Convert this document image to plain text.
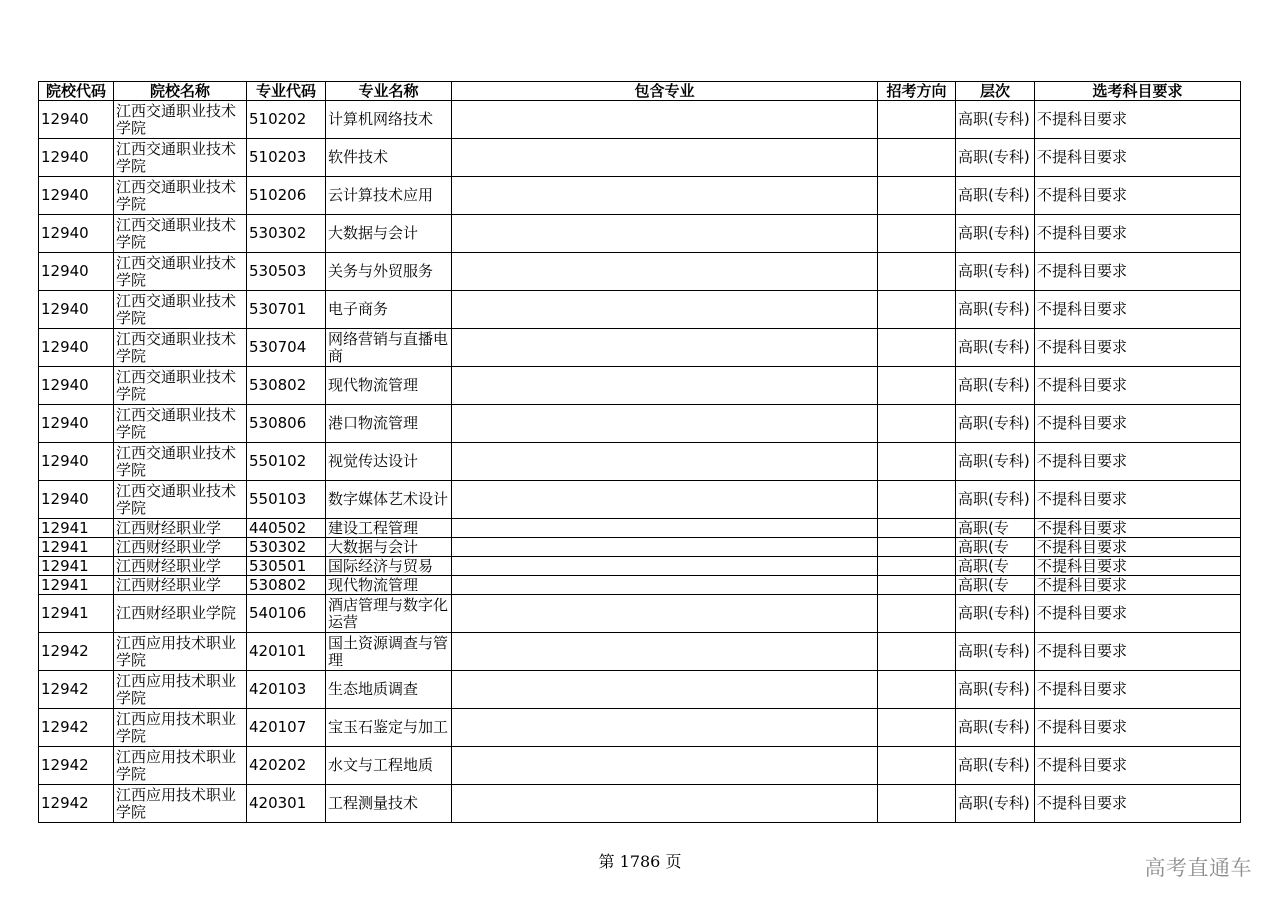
院校代码	院校名称	专业代码	专业名称	包含专业	招考方向	层次	选考科目要求
12940	江西交通职业技术学院	510202	计算机网络技术			高职(专科)	不提科目要求
12940	江西交通职业技术学院	510203	软件技术			高职(专科)	不提科目要求
12940	江西交通职业技术学院	510206	云计算技术应用			高职(专科)	不提科目要求
12940	江西交通职业技术学院	530302	大数据与会计			高职(专科)	不提科目要求
12940	江西交通职业技术学院	530503	关务与外贸服务			高职(专科)	不提科目要求
12940	江西交通职业技术学院	530701	电子商务			高职(专科)	不提科目要求
12940	江西交通职业技术学院	530704	网络营销与直播电商			高职(专科)	不提科目要求
12940	江西交通职业技术学院	530802	现代物流管理			高职(专科)	不提科目要求
12940	江西交通职业技术学院	530806	港口物流管理			高职(专科)	不提科目要求
12940	江西交通职业技术学院	550102	视觉传达设计			高职(专科)	不提科目要求
12940	江西交通职业技术学院	550103	数字媒体艺术设计			高职(专科)	不提科目要求
12941	江西财经职业学	440502	建设工程管理			高职(专	不提科目要求
12941	江西财经职业学	530302	大数据与会计			高职(专	不提科目要求
12941	江西财经职业学	530501	国际经济与贸易			高职(专	不提科目要求
12941	江西财经职业学	530802	现代物流管理			高职(专	不提科目要求
12941	江西财经职业学院	540106	酒店管理与数字化运营			高职(专科)	不提科目要求
12942	江西应用技术职业学院	420101	国土资源调查与管理			高职(专科)	不提科目要求
12942	江西应用技术职业学院	420103	生态地质调查			高职(专科)	不提科目要求
12942	江西应用技术职业学院	420107	宝玉石鉴定与加工			高职(专科)	不提科目要求
12942	江西应用技术职业学院	420202	水文与工程地质			高职(专科)	不提科目要求
12942	江西应用技术职业学院	420301	工程测量技术			高职(专科)	不提科目要求
第 1786 页	高考直通车
